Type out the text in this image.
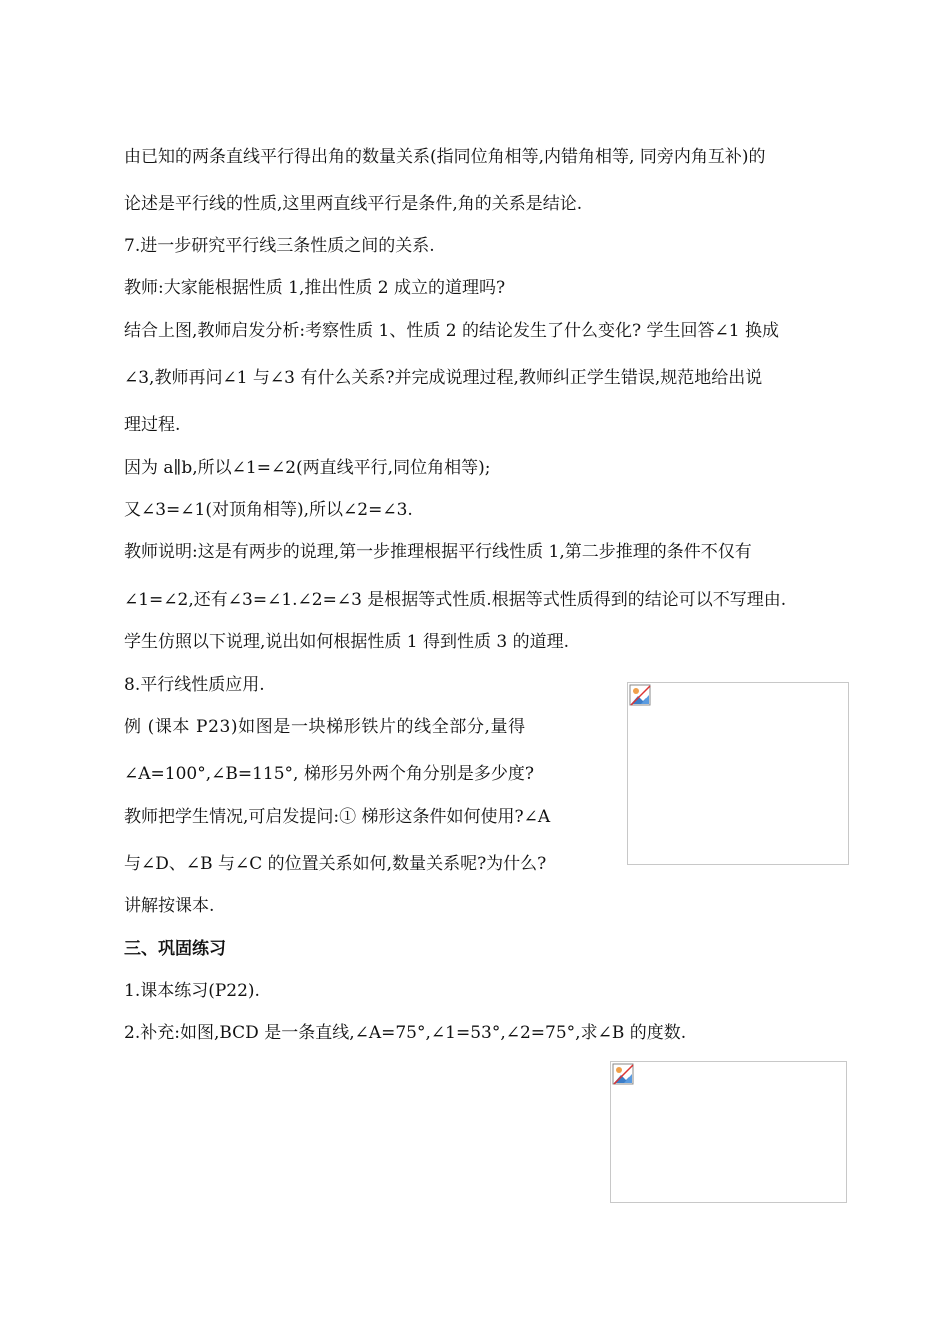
由已知的两条直线平行得出角的数量关系(指同位角相等,内错角相等, 同旁内角互补)的
论述是平行线的性质,这里两直线平行是条件,角的关系是结论.
7.进一步研究平行线三条性质之间的关系.
教师:大家能根据性质 1,推出性质 2 成立的道理吗?
结合上图,教师启发分析:考察性质 1、性质 2 的结论发生了什么变化? 学生回答∠1 换成
∠3,教师再问∠1 与∠3 有什么关系?并完成说理过程,教师纠正学生错误,规范地给出说
理过程.
因为 a∥b,所以∠1=∠2(两直线平行,同位角相等);
又∠3=∠1(对顶角相等),所以∠2=∠3.
教师说明:这是有两步的说理,第一步推理根据平行线性质 1,第二步推理的条件不仅有
∠1=∠2,还有∠3=∠1.∠2=∠3 是根据等式性质.根据等式性质得到的结论可以不写理由.
学生仿照以下说理,说出如何根据性质 1 得到性质 3 的道理.
8.平行线性质应用.
例 (课本 P23)如图是一块梯形铁片的线全部分,量得
∠A=100°,∠B=115°, 梯形另外两个角分别是多少度?
教师把学生情况,可启发提问:① 梯形这条件如何使用?∠A
与∠D、∠B 与∠C 的位置关系如何,数量关系呢?为什么?
讲解按课本.
三、巩固练习
1.课本练习(P22).
2.补充:如图,BCD 是一条直线,∠A=75°,∠1=53°,∠2=75°,求∠B 的度数.
